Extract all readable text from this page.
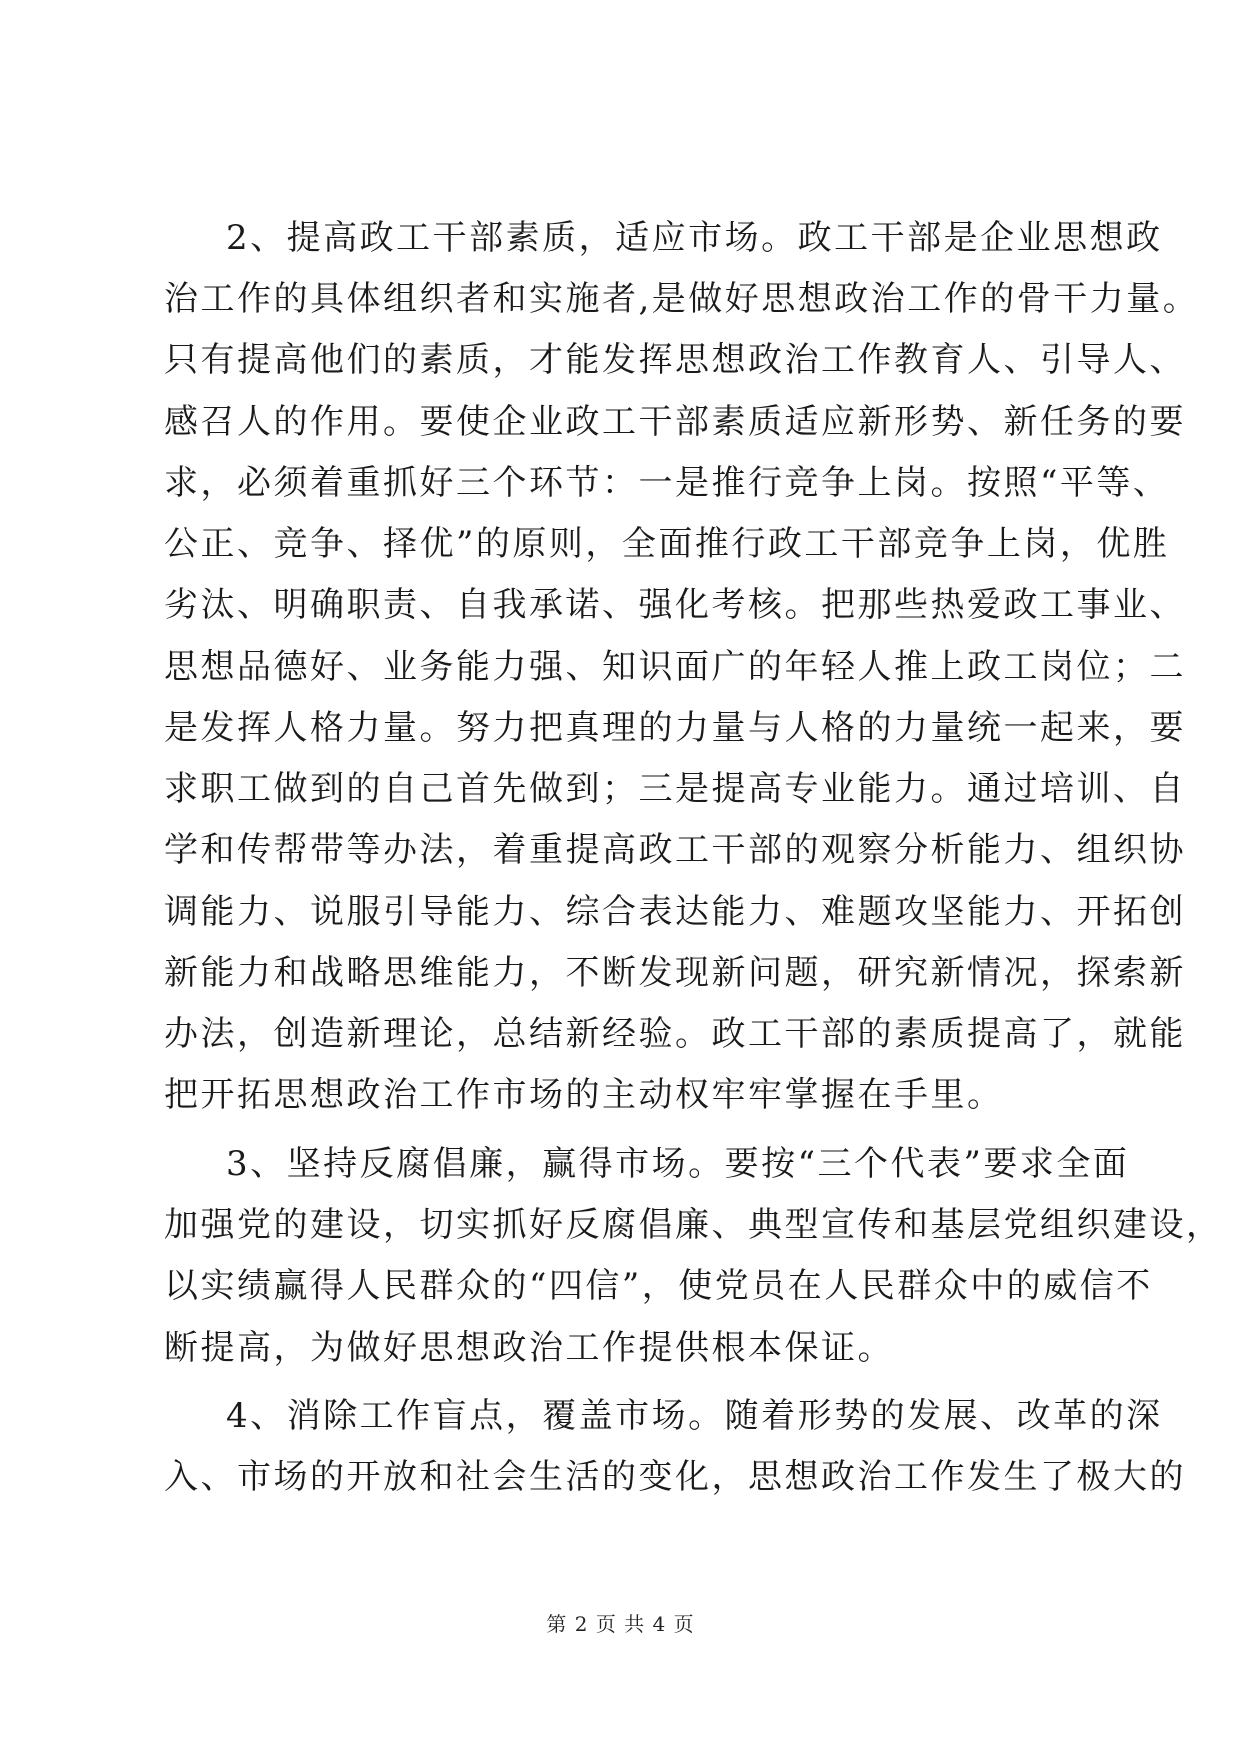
2、提高政工干部素质，适应市场。政工干部是企业思想政
治工作的具体组织者和实施者,是做好思想政治工作的骨干力量。
只有提高他们的素质，才能发挥思想政治工作教育人、引导人、
感召人的作用。要使企业政工干部素质适应新形势、新任务的要
求，必须着重抓好三个环节：一是推行竞争上岗。按照“平等、
公正、竞争、择优”的原则，全面推行政工干部竞争上岗，优胜
劣汰、明确职责、自我承诺、强化考核。把那些热爱政工事业、
思想品德好、业务能力强、知识面广的年轻人推上政工岗位；二
是发挥人格力量。努力把真理的力量与人格的力量统一起来，要
求职工做到的自己首先做到；三是提高专业能力。通过培训、自
学和传帮带等办法，着重提高政工干部的观察分析能力、组织协
调能力、说服引导能力、综合表达能力、难题攻坚能力、开拓创
新能力和战略思维能力，不断发现新问题，研究新情况，探索新
办法，创造新理论，总结新经验。政工干部的素质提高了，就能
把开拓思想政治工作市场的主动权牢牢掌握在手里。
3、坚持反腐倡廉，赢得市场。要按“三个代表”要求全面
加强党的建设，切实抓好反腐倡廉、典型宣传和基层党组织建设，
以实绩赢得人民群众的“四信”，使党员在人民群众中的威信不
断提高，为做好思想政治工作提供根本保证。
4、消除工作盲点，覆盖市场。随着形势的发展、改革的深
入、市场的开放和社会生活的变化，思想政治工作发生了极大的
第 2 页 共 4 页
